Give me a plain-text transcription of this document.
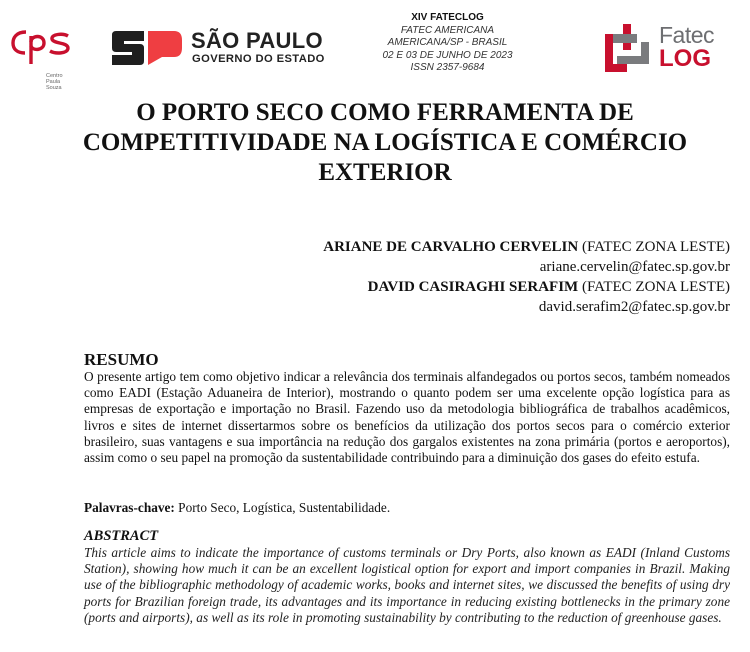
Centro
Paula Souza
SÃO PAULO
GOVERNO DO ESTADO
XIV FATECLOG
FATEC AMERICANA
AMERICANA/SP - BRASIL
02 E 03 DE JUNHO DE 2023
ISSN 2357-9684
Fatec
LOG
O PORTO SECO COMO FERRAMENTA DE
COMPETITIVIDADE NA LOGÍSTICA E COMÉRCIO
EXTERIOR
ARIANE DE CARVALHO CERVELIN (FATEC ZONA LESTE)
ariane.cervelin@fatec.sp.gov.br
DAVID CASIRAGHI SERAFIM (FATEC ZONA LESTE)
david.serafim2@fatec.sp.gov.br
RESUMO
O presente artigo tem como objetivo indicar a relevância dos terminais alfandegados ou portos secos, também nomeados como EADI (Estação Aduaneira de Interior), mostrando o quanto podem ser uma excelente opção logística para as empresas de exportação e importação no Brasil. Fazendo uso da metodologia bibliográfica de trabalhos acadêmicos, livros e sites de internet dissertarmos sobre os benefícios da utilização dos portos secos para o comércio exterior brasileiro, suas vantagens e sua importância na redução dos gargalos existentes na zona primária (portos e aeroportos), assim como o seu papel na promoção da sustentabilidade contribuindo para a diminuição dos gases do efeito estufa.
Palavras-chave: Porto Seco, Logística, Sustentabilidade.
ABSTRACT
This article aims to indicate the importance of customs terminals or Dry Ports, also known as EADI (Inland Customs Station), showing how much it can be an excellent logistical option for export and import companies in Brazil. Making use of the bibliographic methodology of academic works, books and internet sites, we discussed the benefits of using dry ports for Brazilian foreign trade, its advantages and its importance in reducing existing bottlenecks in the primary zone (ports and airports), as well as its role in promoting sustainability by contributing to the reduction of greenhouse gases.
